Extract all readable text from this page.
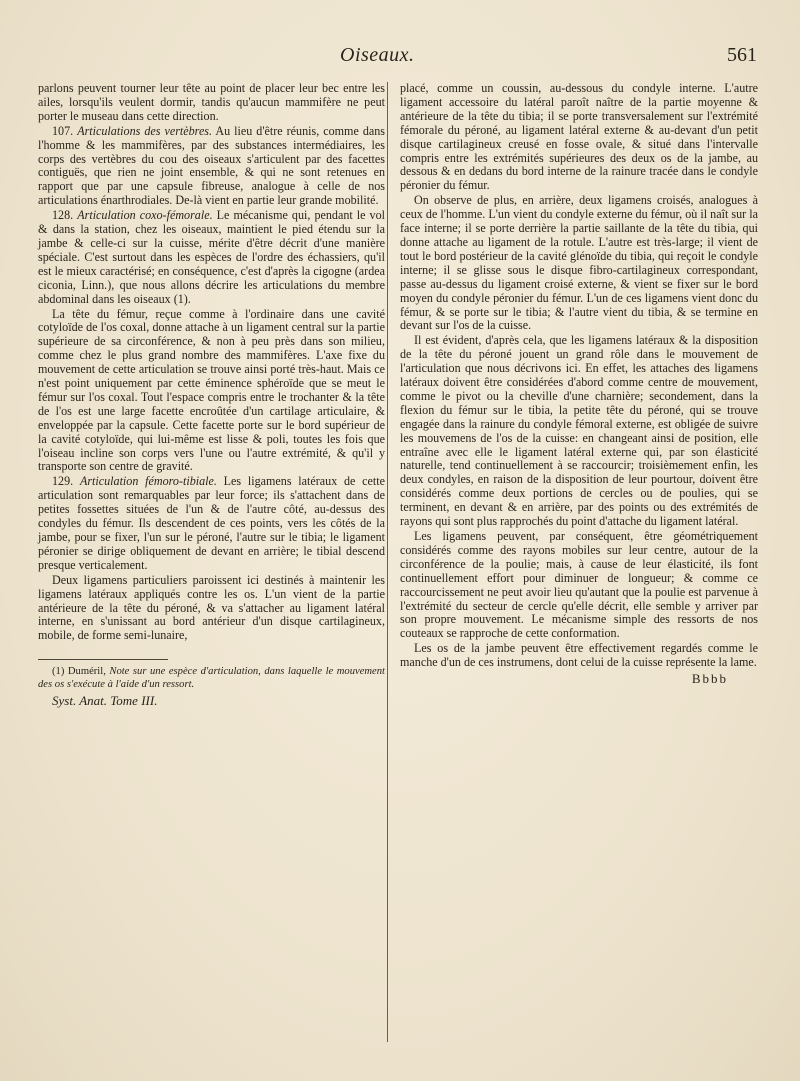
Oiseaux.	561

parlons peuvent tourner leur tête au point de placer leur bec entre les ailes, lorsqu'ils veulent dormir, tandis qu'aucun mammifère ne peut porter le museau dans cette direction.

107. Articulations des vertèbres. Au lieu d'être réunis, comme dans l'homme & les mammifères, par des substances intermédiaires, les corps des vertèbres du cou des oiseaux s'articulent par des facettes contiguës, que rien ne joint ensemble, & qui ne sont retenues en rapport que par une capsule fibreuse, analogue à celle de nos articulations énarthrodiales. De-là vient en partie leur grande mobilité.

128. Articulation coxo-fémorale. Le mécanisme qui, pendant le vol & dans la station, chez les oiseaux, maintient le pied étendu sur la jambe & celle-ci sur la cuisse, mérite d'être décrit d'une manière spéciale. C'est surtout dans les espèces de l'ordre des échassiers, qu'il est le mieux caractérisé; en conséquence, c'est d'après la cigogne (ardea ciconia, Linn.), que nous allons décrire les articulations du membre abdominal dans les oiseaux (1).

La tête du fémur, reçue comme à l'ordinaire dans une cavité cotyloïde de l'os coxal, donne attache à un ligament central sur la partie supérieure de sa circonférence, & non à peu près dans son milieu, comme chez le plus grand nombre des mammifères. L'axe fixe du mouvement de cette articulation se trouve ainsi porté très-haut. Mais ce n'est point uniquement par cette éminence sphéroïde que se meut le fémur sur l'os coxal. Tout l'espace compris entre le trochanter & la tête de l'os est une large facette encroûtée d'un cartilage articulaire, & enveloppée par la capsule. Cette facette porte sur le bord supérieur de la cavité cotyloïde, qui lui-même est lisse & poli, toutes les fois que l'oiseau incline son corps vers l'une ou l'autre extrémité, & qu'il y transporte son centre de gravité.

129. Articulation fémoro-tibiale. Les ligamens latéraux de cette articulation sont remarquables par leur force; ils s'attachent dans de petites fossettes situées de l'un & de l'autre côté, au-dessus des condyles du fémur. Ils descendent de ces points, vers les côtés de la jambe, pour se fixer, l'un sur le péroné, l'autre sur le tibia; le ligament péronier se dirige obliquement de devant en arrière; le tibial descend presque verticalement.

Deux ligamens particuliers paroissent ici destinés à maintenir les ligamens latéraux appliqués contre les os. L'un vient de la partie antérieure de la tête du péroné, & va s'attacher au ligament latéral interne, en s'unissant au bord antérieur d'un disque cartilagineux, mobile, de forme semi-lunaire,

(1) Duméril, Note sur une espèce d'articulation, dans laquelle le mouvement des os s'exécute à l'aide d'un ressort.

Syst. Anat. Tome III.

placé, comme un coussin, au-dessous du condyle interne. L'autre ligament accessoire du latéral paroît naître de la partie moyenne & antérieure de la tête du tibia; il se porte transversalement sur l'extrémité fémorale du péroné, au ligament latéral externe & au-devant d'un petit disque cartilagineux creusé en fosse ovale, & situé dans l'intervalle compris entre les extrémités supérieures des deux os de la jambe, au dessous & en dedans du bord interne de la rainure tracée dans le condyle péronier du fémur.

On observe de plus, en arrière, deux ligamens croisés, analogues à ceux de l'homme. L'un vient du condyle externe du fémur, où il naît sur la face interne; il se porte derrière la partie saillante de la tête du tibia, qui donne attache au ligament de la rotule. L'autre est très-large; il vient de tout le bord postérieur de la cavité glénoïde du tibia, qui reçoit le condyle interne; il se glisse sous le disque fibro-cartilagineux correspondant, passe au-dessus du ligament croisé externe, & vient se fixer sur le bord moyen du condyle péronier du fémur. L'un de ces ligamens vient donc du fémur, & se porte sur le tibia; & l'autre vient du tibia, & se termine en devant sur l'os de la cuisse.

Il est évident, d'après cela, que les ligamens latéraux & la disposition de la tête du péroné jouent un grand rôle dans le mouvement de l'articulation que nous décrivons ici. En effet, les attaches des ligamens latéraux doivent être considérées d'abord comme centre de mouvement, comme le pivot ou la cheville d'une charnière; secondement, dans la flexion du fémur sur le tibia, la petite tête du péroné, qui se trouve engagée dans la rainure du condyle fémoral externe, est obligée de suivre les mouvemens de l'os de la cuisse: en changeant ainsi de position, elle entraîne avec elle le ligament latéral externe qui, par son élasticité naturelle, tend continuellement à se raccourcir; troisièmement enfin, les deux condyles, en raison de la disposition de leur pourtour, doivent être considérés comme deux portions de cercles ou de poulies, qui se terminent, en devant & en arrière, par des points ou des extrémités de rayons qui sont plus rapprochés du point d'attache du ligament latéral.

Les ligamens peuvent, par conséquent, être géométriquement considérés comme des rayons mobiles sur leur centre, autour de la circonférence de la poulie; mais, à cause de leur élasticité, ils font continuellement effort pour diminuer de longueur; & comme ce raccourcissement ne peut avoir lieu qu'autant que la poulie est parvenue à l'extrémité du secteur de cercle qu'elle décrit, elle semble y arriver par son propre mouvement. Le mécanisme simple des ressorts de nos couteaux se rapproche de cette conformation.

Les os de la jambe peuvent être effectivement regardés comme le manche d'un de ces instrumens, dont celui de la cuisse représente la lame.

Bbbb
